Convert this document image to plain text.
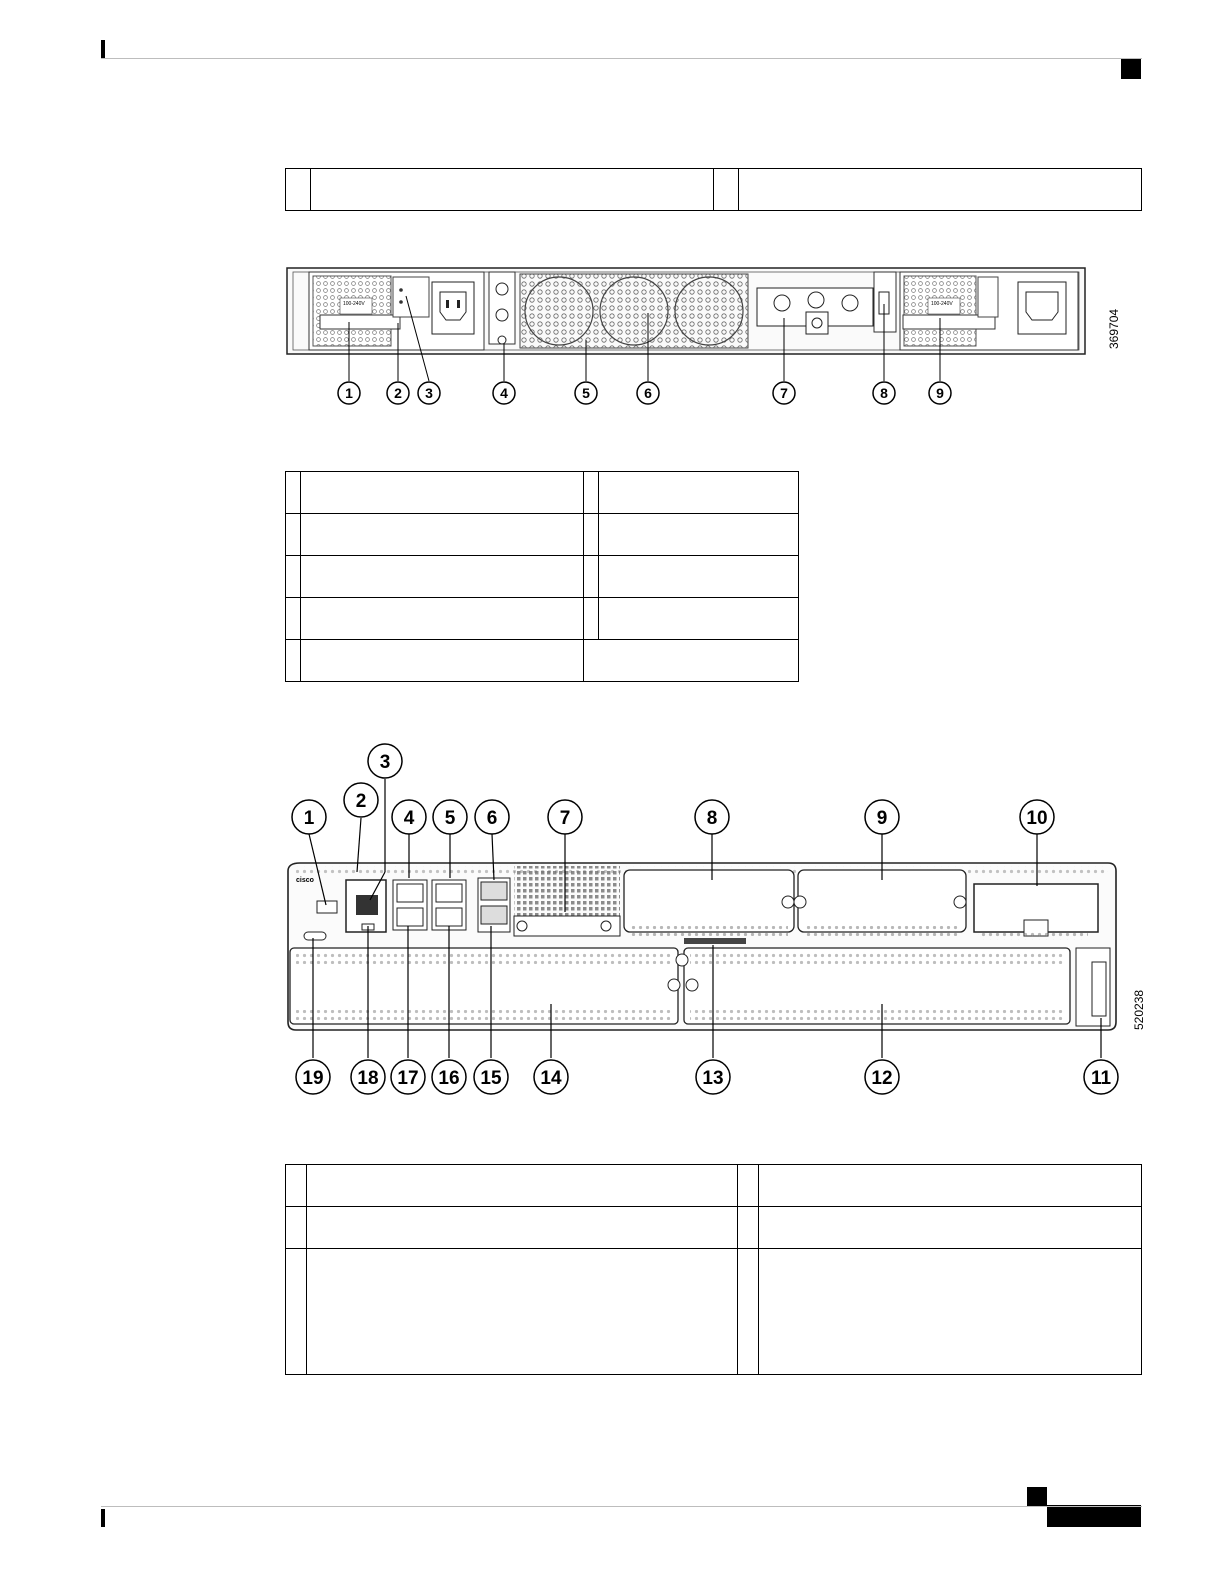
100-240V	100-240V
369704
1	2 3	4	5	6	7	8	9

cisco
520238
1
2
3
4 5 6	7	8	9	10
11
12
13
14
15
16
17
18
19
